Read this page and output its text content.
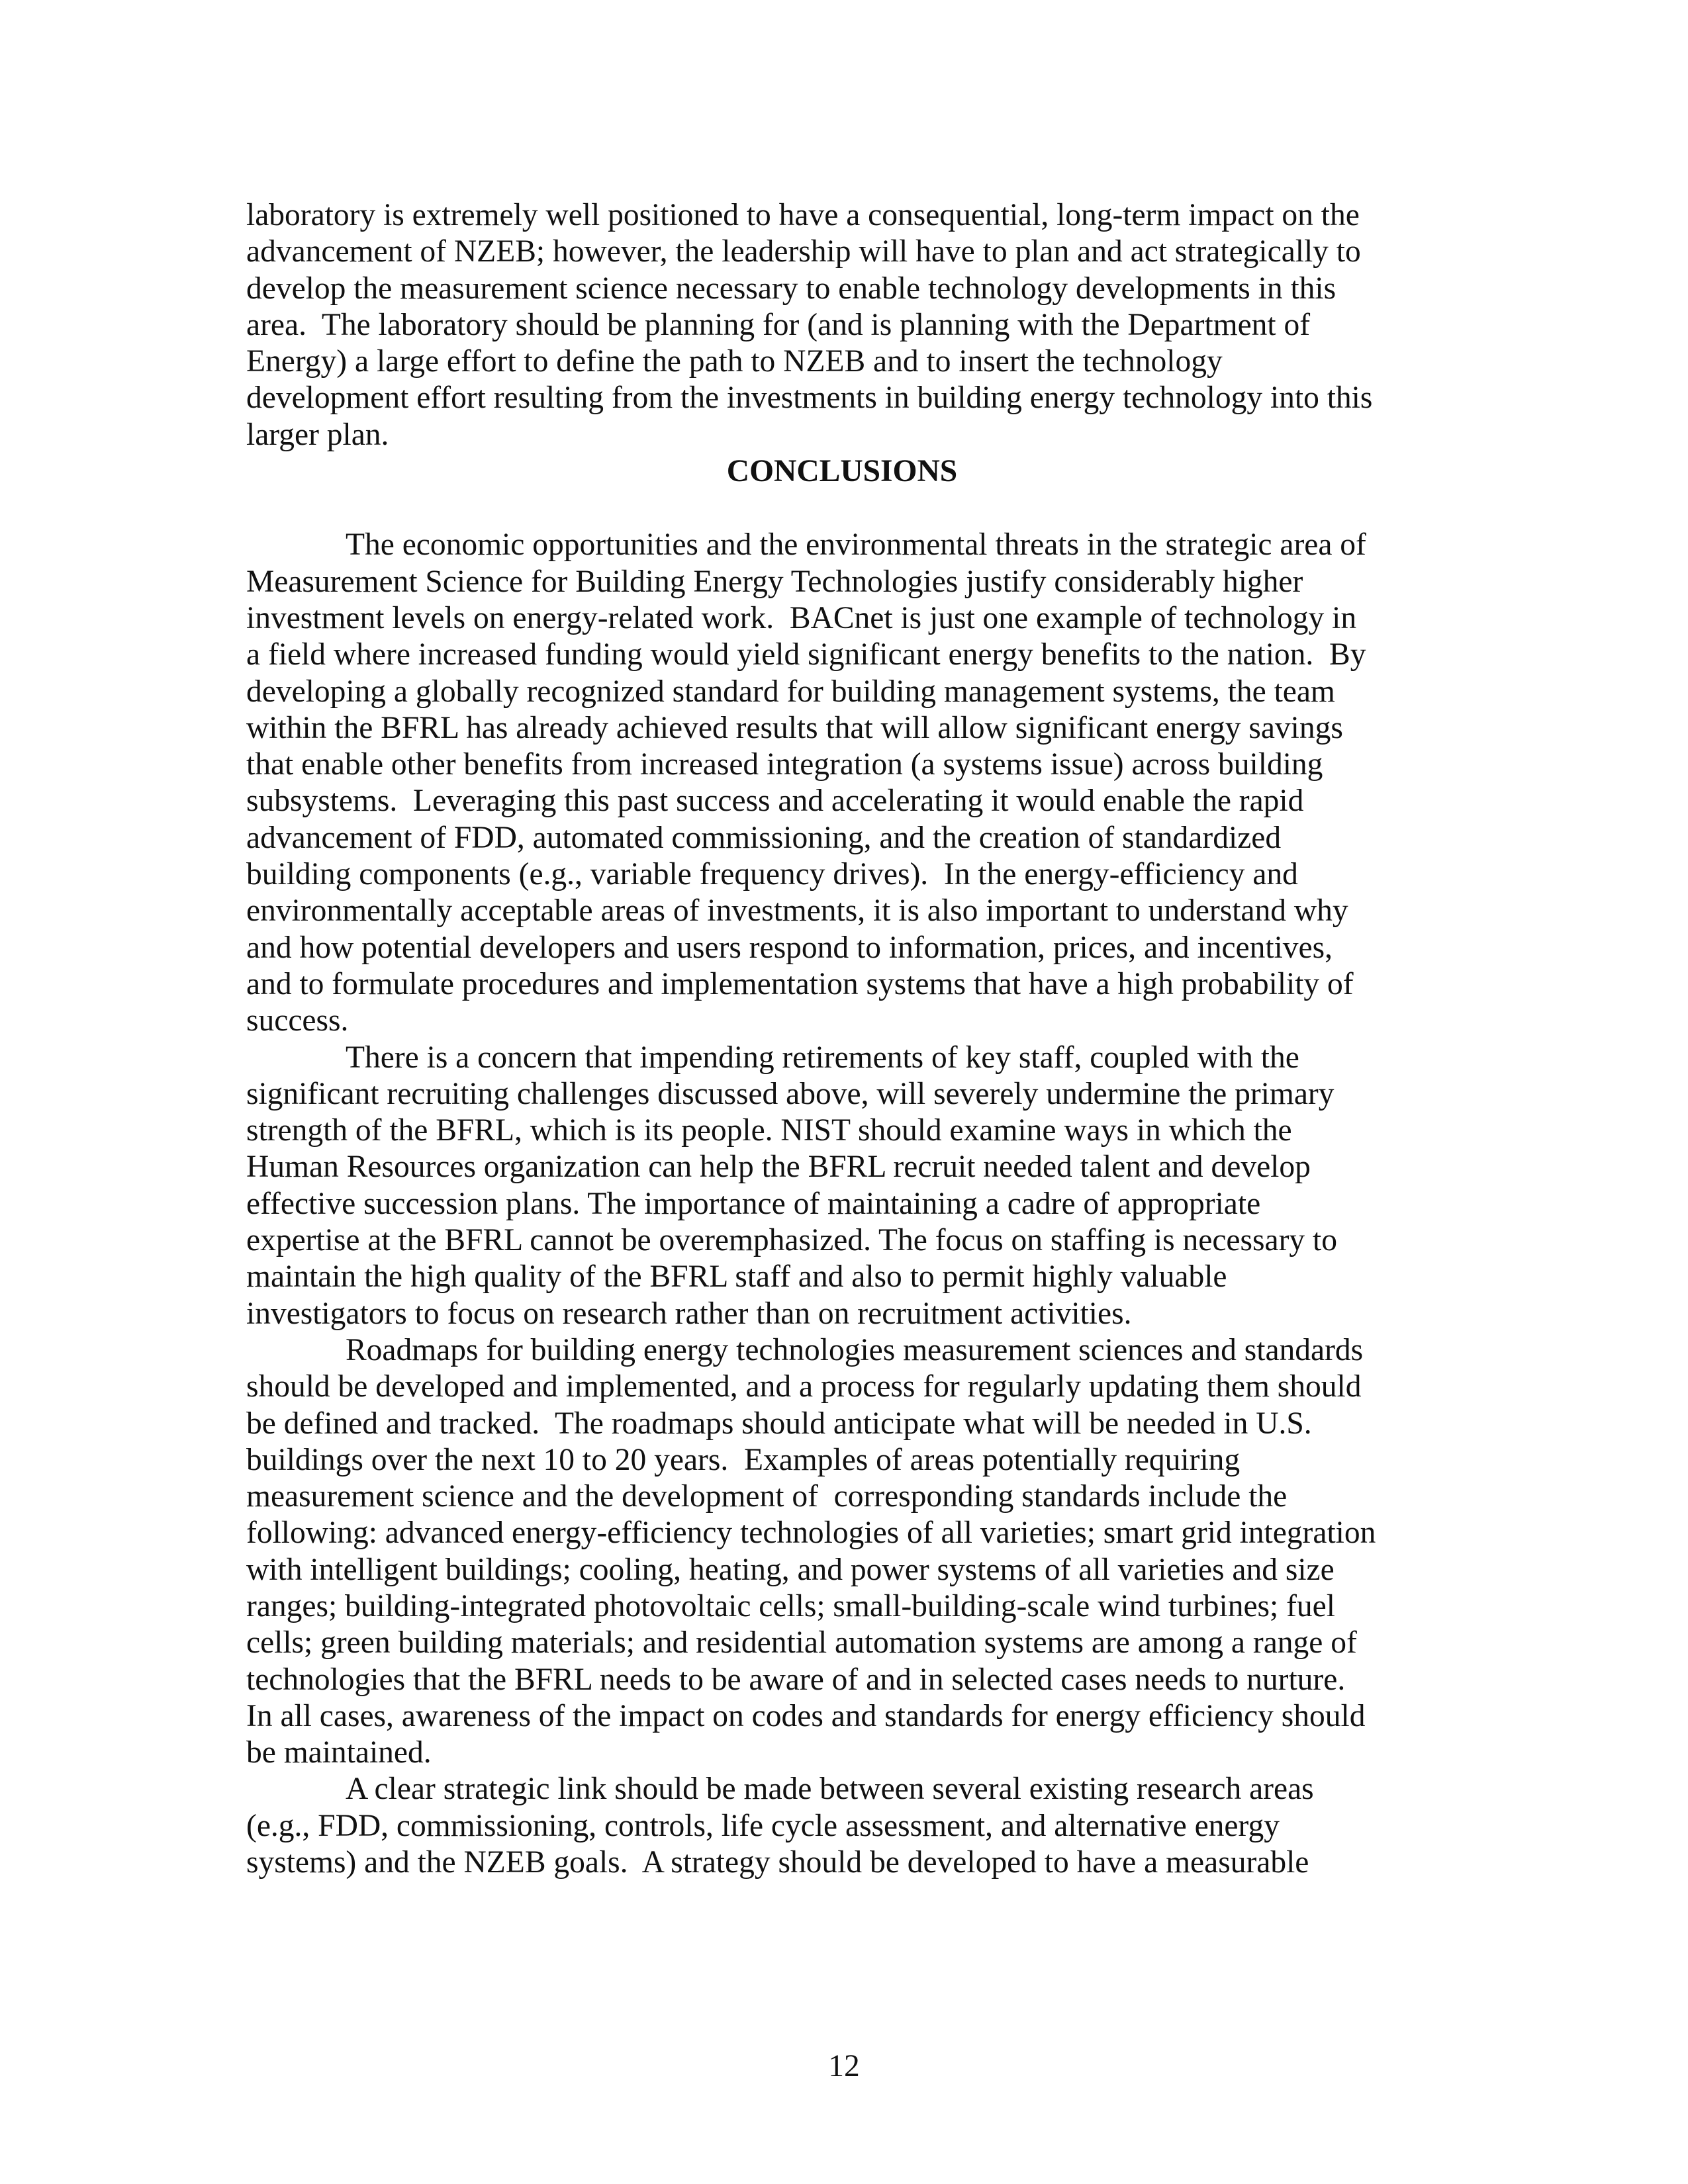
laboratory is extremely well positioned to have a consequential, long-term impact on the
advancement of NZEB; however, the leadership will have to plan and act strategically to
develop the measurement science necessary to enable technology developments in this
area.  The laboratory should be planning for (and is planning with the Department of
Energy) a large effort to define the path to NZEB and to insert the technology
development effort resulting from the investments in building energy technology into this
larger plan.
CONCLUSIONS
The economic opportunities and the environmental threats in the strategic area of
Measurement Science for Building Energy Technologies justify considerably higher
investment levels on energy-related work.  BACnet is just one example of technology in
a field where increased funding would yield significant energy benefits to the nation.  By
developing a globally recognized standard for building management systems, the team
within the BFRL has already achieved results that will allow significant energy savings
that enable other benefits from increased integration (a systems issue) across building
subsystems.  Leveraging this past success and accelerating it would enable the rapid
advancement of FDD, automated commissioning, and the creation of standardized
building components (e.g., variable frequency drives).  In the energy-efficiency and
environmentally acceptable areas of investments, it is also important to understand why
and how potential developers and users respond to information, prices, and incentives,
and to formulate procedures and implementation systems that have a high probability of
success.
There is a concern that impending retirements of key staff, coupled with the
significant recruiting challenges discussed above, will severely undermine the primary
strength of the BFRL, which is its people. NIST should examine ways in which the
Human Resources organization can help the BFRL recruit needed talent and develop
effective succession plans. The importance of maintaining a cadre of appropriate
expertise at the BFRL cannot be overemphasized. The focus on staffing is necessary to
maintain the high quality of the BFRL staff and also to permit highly valuable
investigators to focus on research rather than on recruitment activities.
Roadmaps for building energy technologies measurement sciences and standards
should be developed and implemented, and a process for regularly updating them should
be defined and tracked.  The roadmaps should anticipate what will be needed in U.S.
buildings over the next 10 to 20 years.  Examples of areas potentially requiring
measurement science and the development of  corresponding standards include the
following: advanced energy-efficiency technologies of all varieties; smart grid integration
with intelligent buildings; cooling, heating, and power systems of all varieties and size
ranges; building-integrated photovoltaic cells; small-building-scale wind turbines; fuel
cells; green building materials; and residential automation systems are among a range of
technologies that the BFRL needs to be aware of and in selected cases needs to nurture.
In all cases, awareness of the impact on codes and standards for energy efficiency should
be maintained.
A clear strategic link should be made between several existing research areas
(e.g., FDD, commissioning, controls, life cycle assessment, and alternative energy
systems) and the NZEB goals.  A strategy should be developed to have a measurable
12
